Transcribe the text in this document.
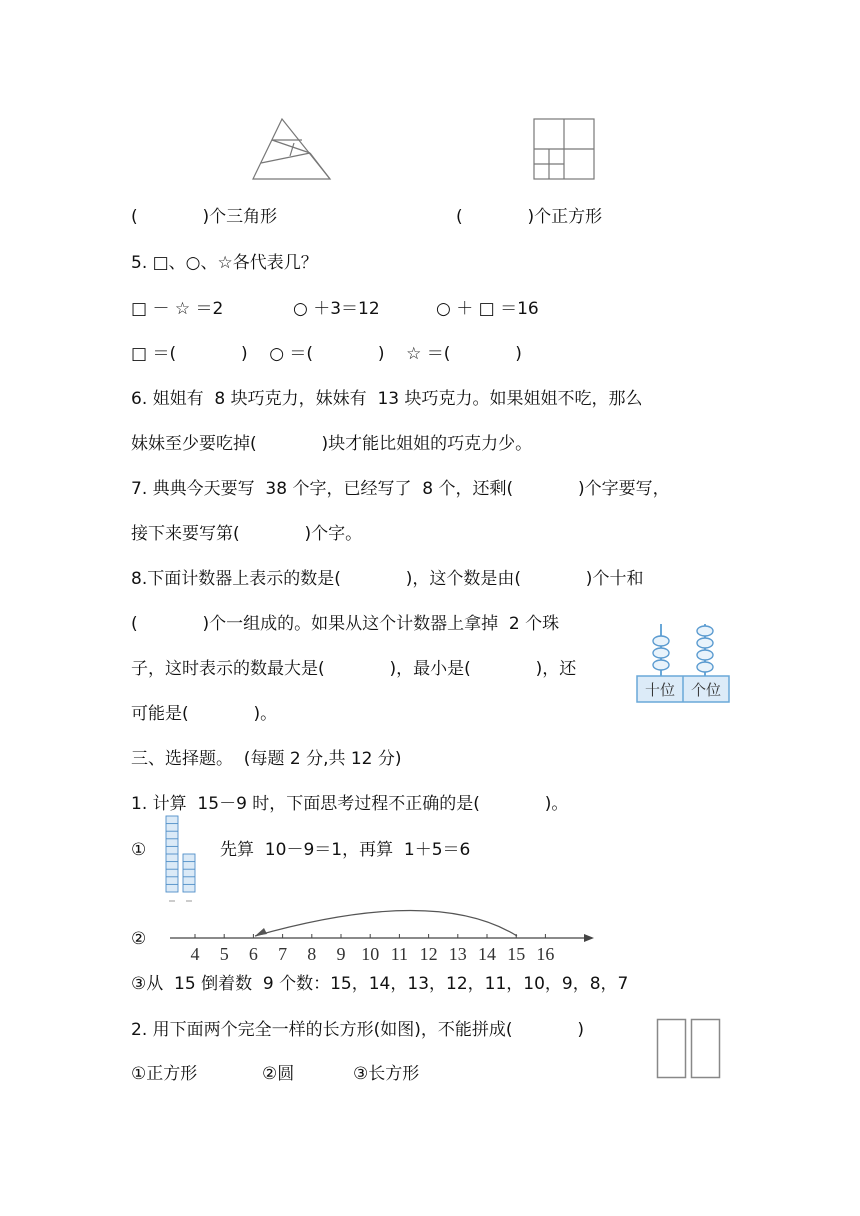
(            )个三角形	(            )个正方形
5. □、○、☆各代表几？
□ － ☆ ＝2	○ ＋3＝12	○ ＋ □ ＝16
□ ＝(            )    ○ ＝(            )    ☆ ＝(            )
6. 姐姐有  8 块巧克力，妹妹有  13 块巧克力。如果姐姐不吃，那么
妹妹至少要吃掉(            )块才能比姐姐的巧克力少。
7. 典典今天要写  38 个字，已经写了  8 个，还剩(            )个字要写，
接下来要写第(            )个字。
8.下面计数器上表示的数是(            )，这个数是由(            )个十和
(            )个一组成的。如果从这个计数器上拿掉  2 个珠
子，这时表示的数最大是(            )，最小是(            )，还
可能是(            )。
十位 个位
三、选择题。  (每题 2 分,共 12 分)
1. 计算  15－9 时，下面思考过程不正确的是(            )。
①	先算  10－9＝1，再算  1＋5＝6
②
4 5 6 7 8 9 10 11 12 13 14 15 16
③从  15 倒着数  9 个数：15，14，13，12，11，10，9，8，7
2. 用下面两个完全一样的长方形(如图)，不能拼成(            )
①正方形	②圆	③长方形
